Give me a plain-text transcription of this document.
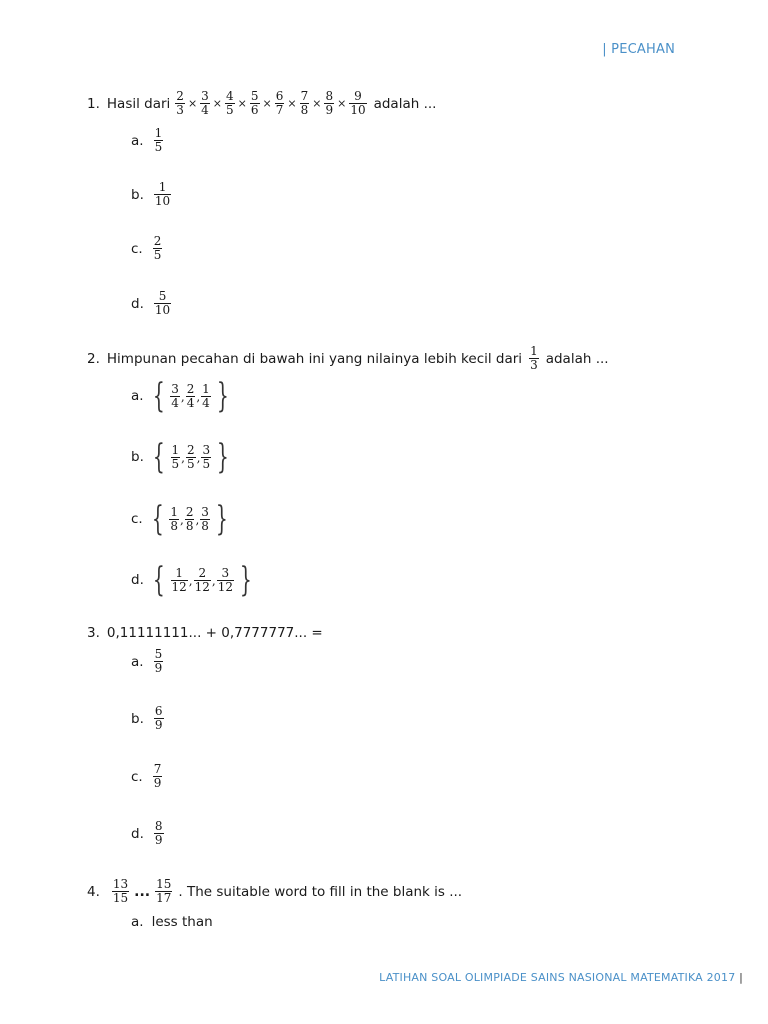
| PECAHAN
1. Hasil dari $\frac{2}{3} \times \frac{3}{4} \times \frac{4}{5} \times \frac{5}{6} \times \frac{6}{7} \times \frac{7}{8} \times \frac{8}{9} \times \frac{9}{10}$ adalah ...
a. $\frac{1}{5}$
b. $\frac{1}{10}$
c. $\frac{2}{5}$
d. $\frac{5}{10}$
2. Himpunan pecahan di bawah ini yang nilainya lebih kecil dari $\frac{1}{3}$ adalah ...
a. { $\frac{3}{4}$ , $\frac{2}{4}$ , $\frac{1}{4}$ }
b. { $\frac{1}{5}$ , $\frac{2}{5}$ , $\frac{3}{5}$ }
c. { $\frac{1}{8}$ , $\frac{2}{8}$ , $\frac{3}{8}$ }
d. { $\frac{1}{12}$ , $\frac{2}{12}$ , $\frac{3}{12}$ }
3. 0,11111111... + 0,7777777... =
a. $\frac{5}{9}$
b. $\frac{6}{9}$
c. $\frac{7}{9}$
d. $\frac{8}{9}$
4. $\frac{13}{15}$ ... $\frac{15}{17}$ . The suitable word to fill in the blank is ...
a. less than
LATIHAN SOAL OLIMPIADE SAINS NASIONAL MATEMATIKA 2017 |
